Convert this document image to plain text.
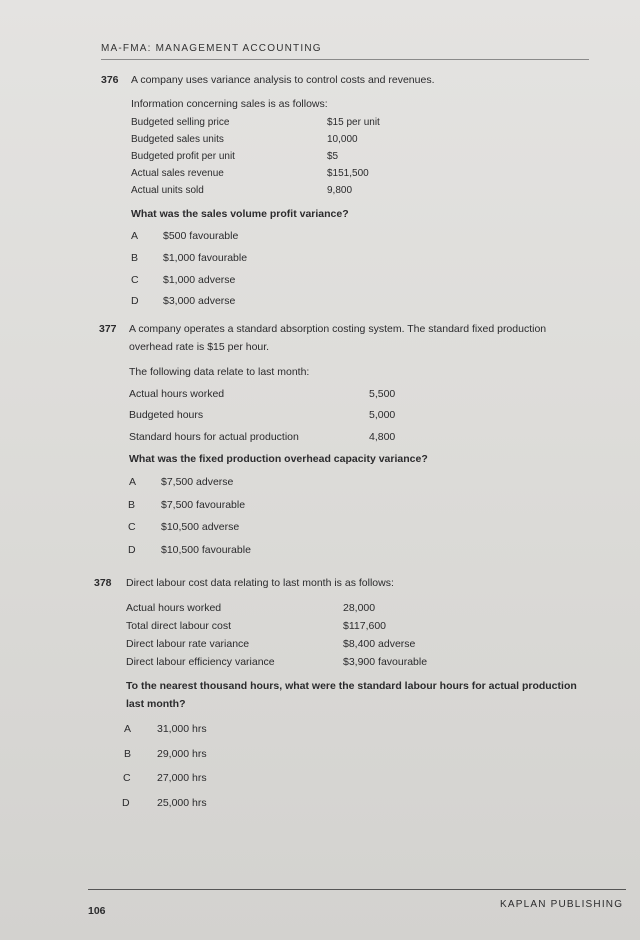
MA-FMA: MANAGEMENT ACCOUNTING
376 A company uses variance analysis to control costs and revenues.
Information concerning sales is as follows:
Budgeted selling price	$15 per unit
Budgeted sales units	10,000
Budgeted profit per unit	$5
Actual sales revenue	$151,500
Actual units sold	9,800
What was the sales volume profit variance?
A $500 favourable
B $1,000 favourable
C $1,000 adverse
D $3,000 adverse
377 A company operates a standard absorption costing system. The standard fixed production
overhead rate is $15 per hour.
The following data relate to last month:
Actual hours worked	5,500
Budgeted hours	5,000
Standard hours for actual production	4,800
What was the fixed production overhead capacity variance?
A $7,500 adverse
B $7,500 favourable
C $10,500 adverse
D $10,500 favourable
378 Direct labour cost data relating to last month is as follows:
Actual hours worked	28,000
Total direct labour cost	$117,600
Direct labour rate variance	$8,400 adverse
Direct labour efficiency variance	$3,900 favourable
To the nearest thousand hours, what were the standard labour hours for actual production
last month?
A 31,000 hrs
B 29,000 hrs
C	27,000 hrs
D	25,000 hrs
106
KAPLAN PUBLISHING
